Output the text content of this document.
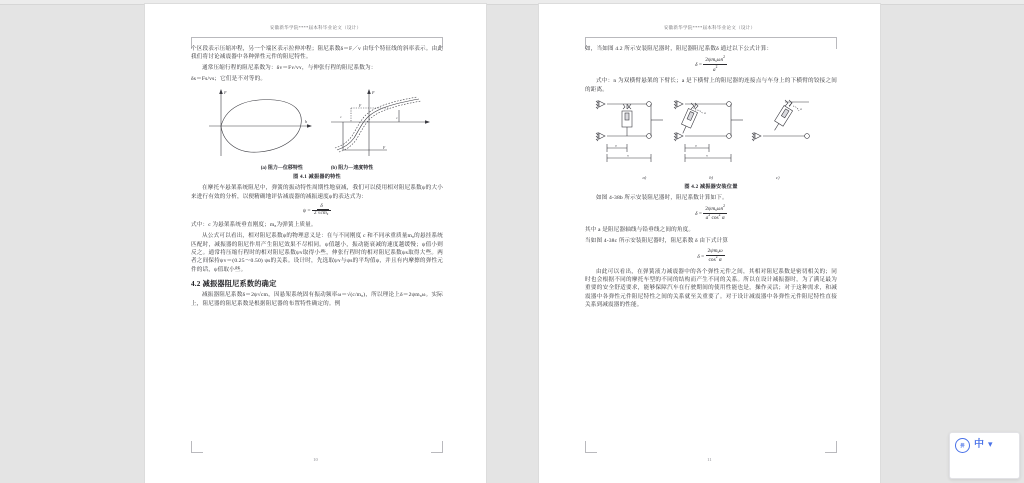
安徽新华学院****届本科毕业论文（设计）

个区段表示压缩冲程，另一个端区表示拉伸冲程；阻尼系数δ＝F／v 由每个特征线的斜率表示。由此我们将讨论减震器中各种弹性元件的阻尼特性。

通常压缩行程的阻尼系数为：δʏ＝Fʏ/vʏ，与伸张行程的阻尼系数为：

δѕ＝Fѕ/vѕ；它们是不对等的。

F
h
F
F
v	v
F
(a) 阻力—位移特性	(b) 阻力—速度特性
图 4.1 减振器的特性

在摩托车悬架系统阻尼中，弹簧的振动特性周期性地衰减，我们可以使用相对阻尼系数ψ的大小来进行有效的分析，以便精确地评估减震器的减振速度ψ的表达式为：

$\psi = \frac{\delta}{2√cm_s}$

式中：c 为悬架系统垂直刚度；m₈为弹簧上质量。

从公式可以看出，相对阻尼系数ψ的物理意义是：在与不同刚度 c 和不同承重质量m₈的悬挂系统匹配时，减振器的阻尼作用产生阻尼效果不尽相同。ψ值越小，振动能衰减的速度越缓慢；ψ值小则反之。通常将压缩行程时的相对阻尼系数ψʏ取得小些，伸张行程时的相对阻尼系数ψѕ取得大些。两者之间保持ψʏ＝(0.25～0.50) ψѕ的关系。设计时，先选取ψʏ与ψѕ的平均值ψ，并且有内摩擦的弹性元件的话，ψ值取小些。

4.2 减振器阻尼系数的确定

减振器阻尼系数δ＝2ψ√cm，因悬架系统固有振动频率ω＝√(c/m₈)，所以理论上δ＝2ψm₈ω。实际上，阻尼器的阻尼系数是根据阻尼器的布置特性确定的。例

10
安徽新华学院****届本科毕业论文（设计）

如，当如图 4.2 所示安装阻尼器时，阻尼器阻尼系数δ 通过以下公式计算：

$\delta = \frac{2\psi m_s\omega n^2}{a^2}$

式中：n 为双横臂悬架的下臂长；a 是下横臂上的阻尼器的连接点与车身上的下横臂的铰接之间的距离。

a
n
a
n
α
α
a)	b)	c)
图 4.2 减振器安装位置

如图 4-38b 所示安装阻尼器时，阻尼系数计算如下。

$\delta = \frac{2\psi m_s\omega n^2}{a^2 \cos^2 \alpha}$

其中 a 是阻尼器轴线与铅垂线之间的角度。

当如图 4-38c 所示安装阻尼器时，阻尼系数 δ 由下式计算

$\delta = \frac{2\psi m_s\omega}{\cos^2 \alpha}$

由此可以看出，在弹簧液力减震器中的各个弹性元件之间，其相对阻尼系数是密切相关的；同时也会根据不同的摩托车型的不同的结构而产生不同的关系。所以在设计减振器时，为了满足最为重要的安全舒适要求，能够保障汽车在行驶期间的使用性能也是，操作灵活；对于这种需求，和减震器中各弹性元件阻尼特性之间的关系就至关重要了。对于设计减震器中各弹性元件阻尼特性直接关系到减震器的性能。

11
拼 中 ▾
